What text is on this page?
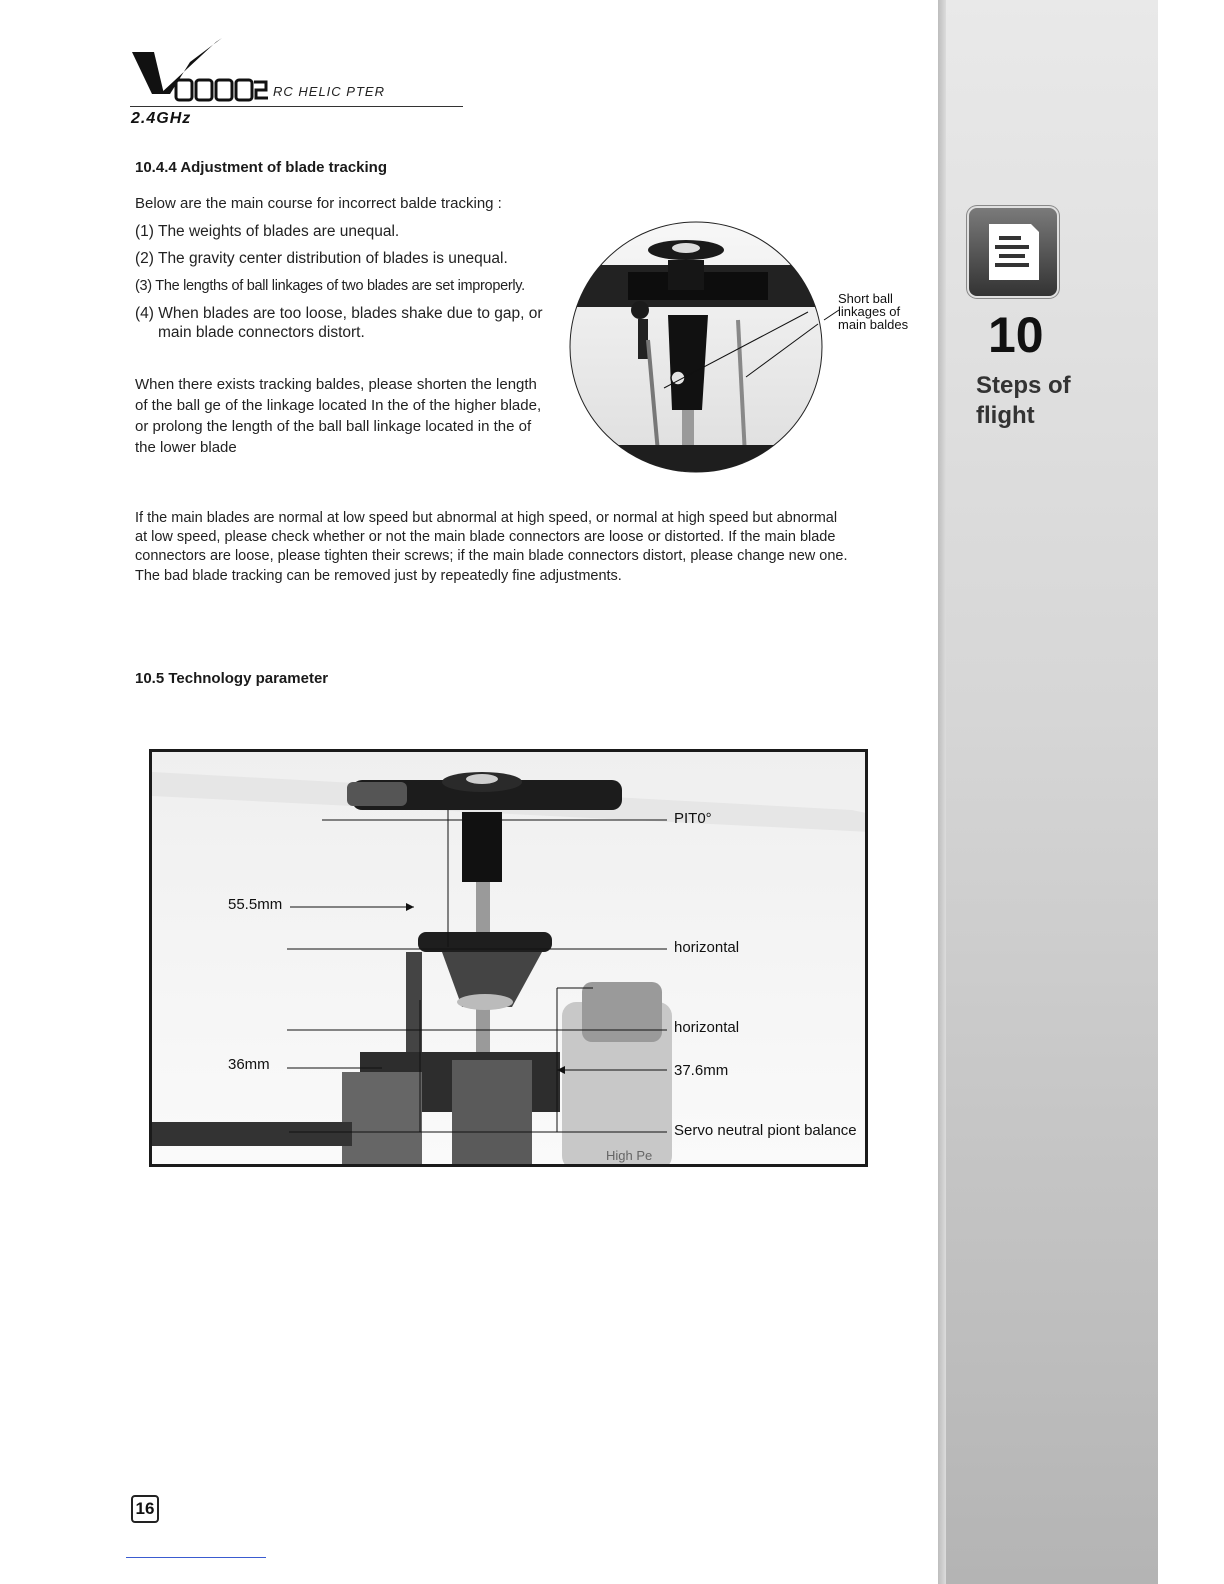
10
Steps of
flight
RC HELIC PTER
2.4GHz
10.4.4 Adjustment of blade tracking
Below are the main course for incorrect balde tracking :
(1) The weights of blades are unequal.
(2) The gravity center distribution of blades is unequal.
(3) The lengths of ball linkages of two blades are set improperly.
(4) When blades are too loose, blades shake due to gap, or
main blade connectors distort.
When there exists tracking baldes, please shorten the length
of the ball ge of the linkage located In the of the higher blade,
or prolong the length of the ball ball linkage located in the of
the lower blade
Short ball
linkages of
main baldes
If the main blades are normal at low speed but abnormal at high speed, or normal at high speed but abnormal
at low speed, please check whether or not the main blade connectors are loose or distorted. If the main blade
connectors are loose, please tighten their screws; if the main blade connectors distort, please change new one.
The bad blade tracking can be removed just by repeatedly fine adjustments.
10.5 Technology parameter
High Pe
PIT0°
55.5mm
horizontal
horizontal
36mm	37.6mm
Servo neutral piont balance
16
